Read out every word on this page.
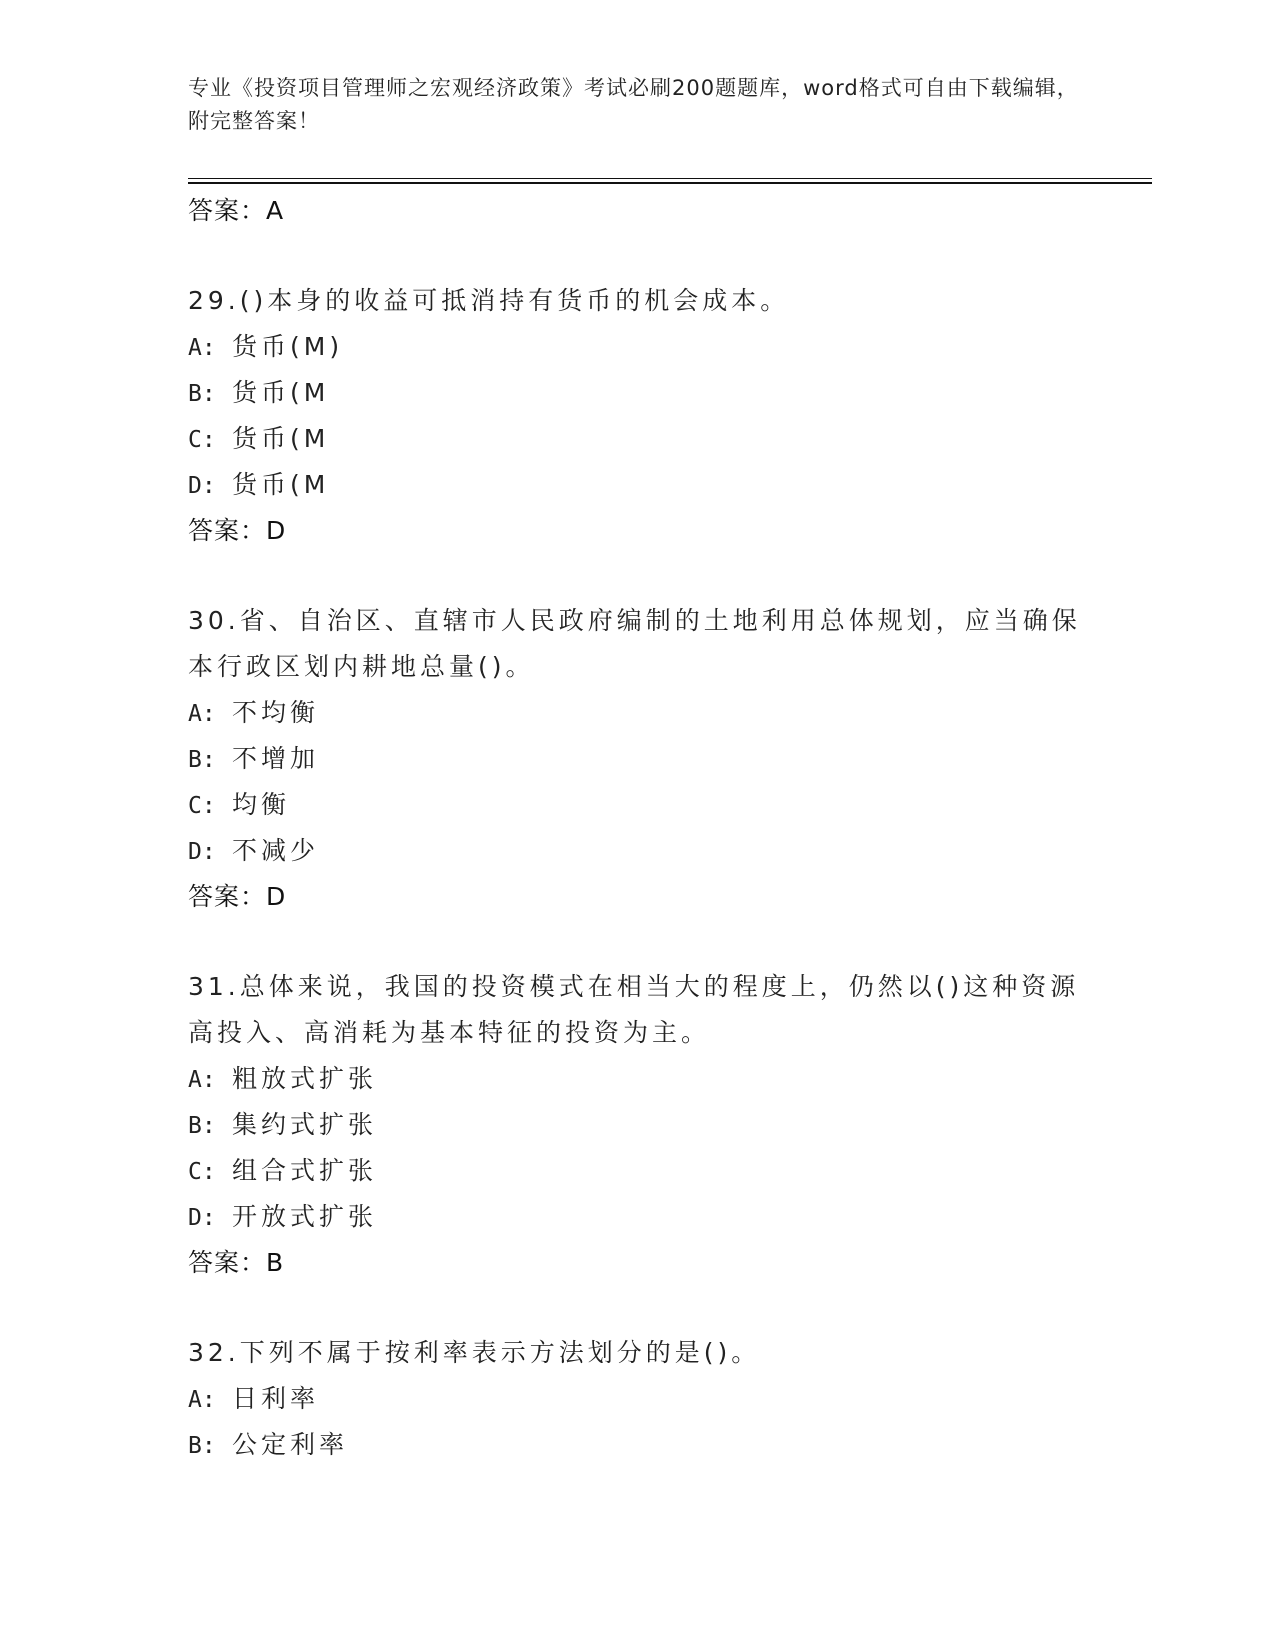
专业《投资项目管理师之宏观经济政策》考试必刷200题题库，word格式可自由下载编辑，附完整答案！
答案：A
29.()本身的收益可抵消持有货币的机会成本。
A: 货币(M)
B: 货币(M
C: 货币(M
D: 货币(M
答案：D
30.省、自治区、直辖市人民政府编制的土地利用总体规划，应当确保本行政区划内耕地总量()。
A: 不均衡
B: 不增加
C: 均衡
D: 不减少
答案：D
31.总体来说，我国的投资模式在相当大的程度上，仍然以()这种资源高投入、高消耗为基本特征的投资为主。
A: 粗放式扩张
B: 集约式扩张
C: 组合式扩张
D: 开放式扩张
答案：B
32.下列不属于按利率表示方法划分的是()。
A: 日利率
B: 公定利率
